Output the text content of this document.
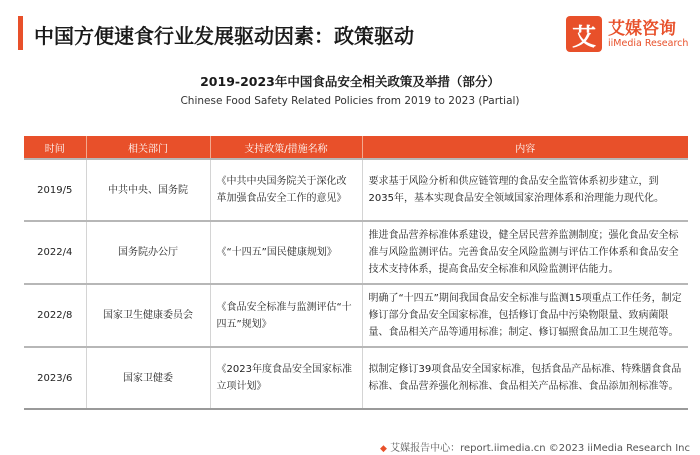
中国方便速食行业发展驱动因素：政策驱动	艾 艾媒咨询
iiMedia Research
2019-2023年中国食品安全相关政策及举措（部分）
Chinese Food Safety Related Policies from 2019 to 2023 (Partial)
时间	相关部门	支持政策/措施名称	内容
2019/5	中共中央、国务院	《中共中央国务院关于深化改革加强食品安全工作的意见》	要求基于风险分析和供应链管理的食品安全监管体系初步建立，到2035年，基本实现食品安全领域国家治理体系和治理能力现代化。
2022/4	国务院办公厅	《“十四五”国民健康规划》	推进食品营养标准体系建设，健全居民营养监测制度；强化食品安全标准与风险监测评估。完善食品安全风险监测与评估工作体系和食品安全技术支持体系，提高食品安全标准和风险监测评估能力。
2022/8	国家卫生健康委员会	《食品安全标准与监测评估“十四五”规划》	明确了“十四五”期间我国食品安全标准与监测15项重点工作任务，制定修订部分食品安全国家标准，包括修订食品中污染物限量、致病菌限量、食品相关产品等通用标准；制定、修订辐照食品加工卫生规范等。
2023/6	国家卫健委	《2023年度食品安全国家标准立项计划》	拟制定修订39项食品安全国家标准，包括食品产品标准、特殊膳食食品标准、食品营养强化剂标准、食品相关产品标准、食品添加剂标准等。
◆ 艾媒报告中心：report.iimedia.cn ©2023 iiMedia Research Inc
